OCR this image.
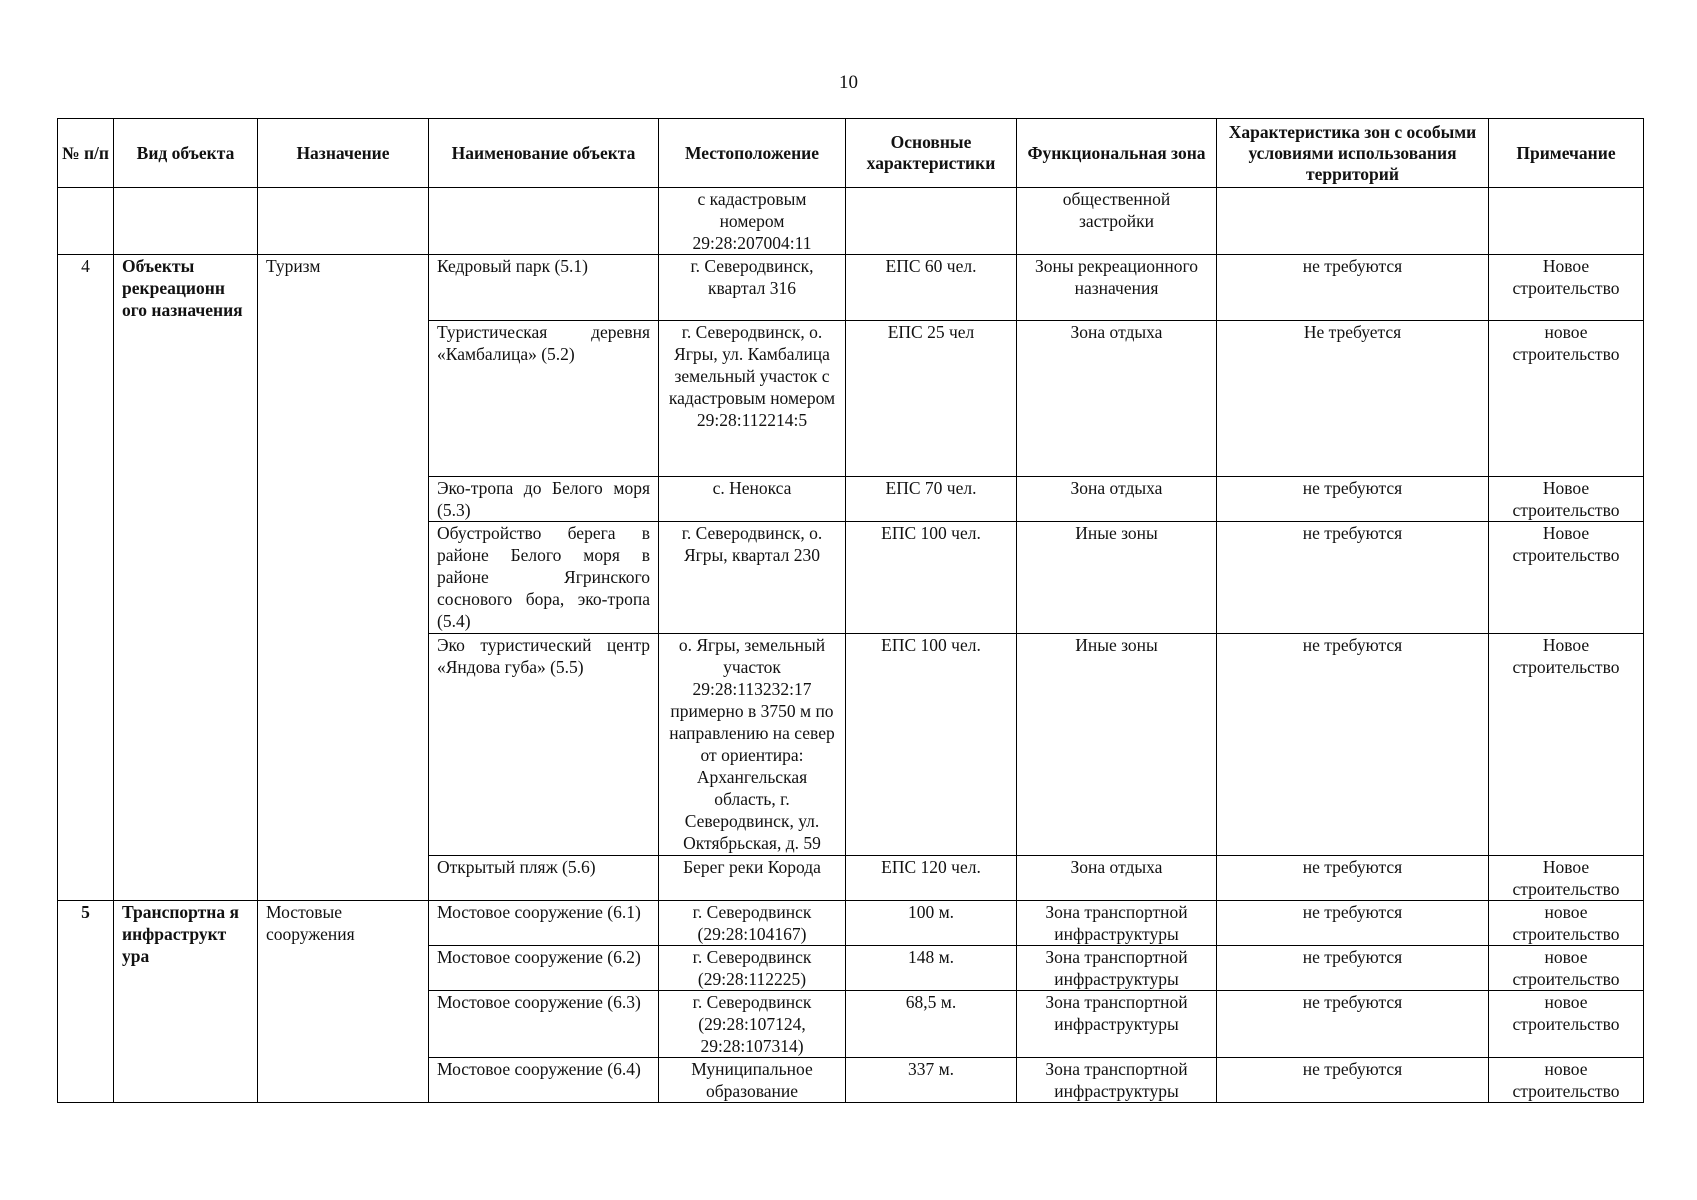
10
№ п/п	Вид объекта	Назначение	Наименование объекта	Местоположение	Основные характеристики	Функциональная зона	Характеристика зон с особыми условиями использования территорий	Примечание
				с кадастровым номером 29:28:207004:11		общественной застройки		
4	Объекты рекреационн ого назначения	Туризм	Кедровый парк (5.1)	г. Северодвинск, квартал 316	ЕПС 60 чел.	Зоны рекреационного назначения	не требуются	Новое строительство
			Туристическая деревня «Камбалица» (5.2)	г. Северодвинск, о. Ягры, ул. Камбалица земельный участок с кадастровым номером 29:28:112214:5	ЕПС 25 чел	Зона отдыха	Не требуется	новое строительство
			Эко-тропа до Белого моря (5.3)	с. Ненокса	ЕПС 70 чел.	Зона отдыха	не требуются	Новое строительство
			Обустройство берега в районе Белого моря в районе Ягринского соснового бора, эко-тропа (5.4)	г. Северодвинск, о. Ягры, квартал 230	ЕПС 100 чел.	Иные зоны	не требуются	Новое строительство
			Эко туристический центр «Яндова губа» (5.5)	о. Ягры, земельный участок 29:28:113232:17 примерно в 3750 м по направлению на север от ориентира: Архангельская область, г. Северодвинск, ул. Октябрьская, д. 59	ЕПС 100 чел.	Иные зоны	не требуются	Новое строительство
			Открытый пляж (5.6)	Берег реки Корода	ЕПС 120 чел.	Зона отдыха	не требуются	Новое строительство
5	Транспортна я инфраструкт ура	Мостовые сооружения	Мостовое сооружение (6.1)	г. Северодвинск (29:28:104167)	100 м.	Зона транспортной инфраструктуры	не требуются	новое строительство
			Мостовое сооружение (6.2)	г. Северодвинск (29:28:112225)	148 м.	Зона транспортной инфраструктуры	не требуются	новое строительство
			Мостовое сооружение (6.3)	г. Северодвинск (29:28:107124, 29:28:107314)	68,5 м.	Зона транспортной инфраструктуры	не требуются	новое строительство
			Мостовое сооружение (6.4)	Муниципальное образование	337 м.	Зона транспортной инфраструктуры	не требуются	новое строительство
